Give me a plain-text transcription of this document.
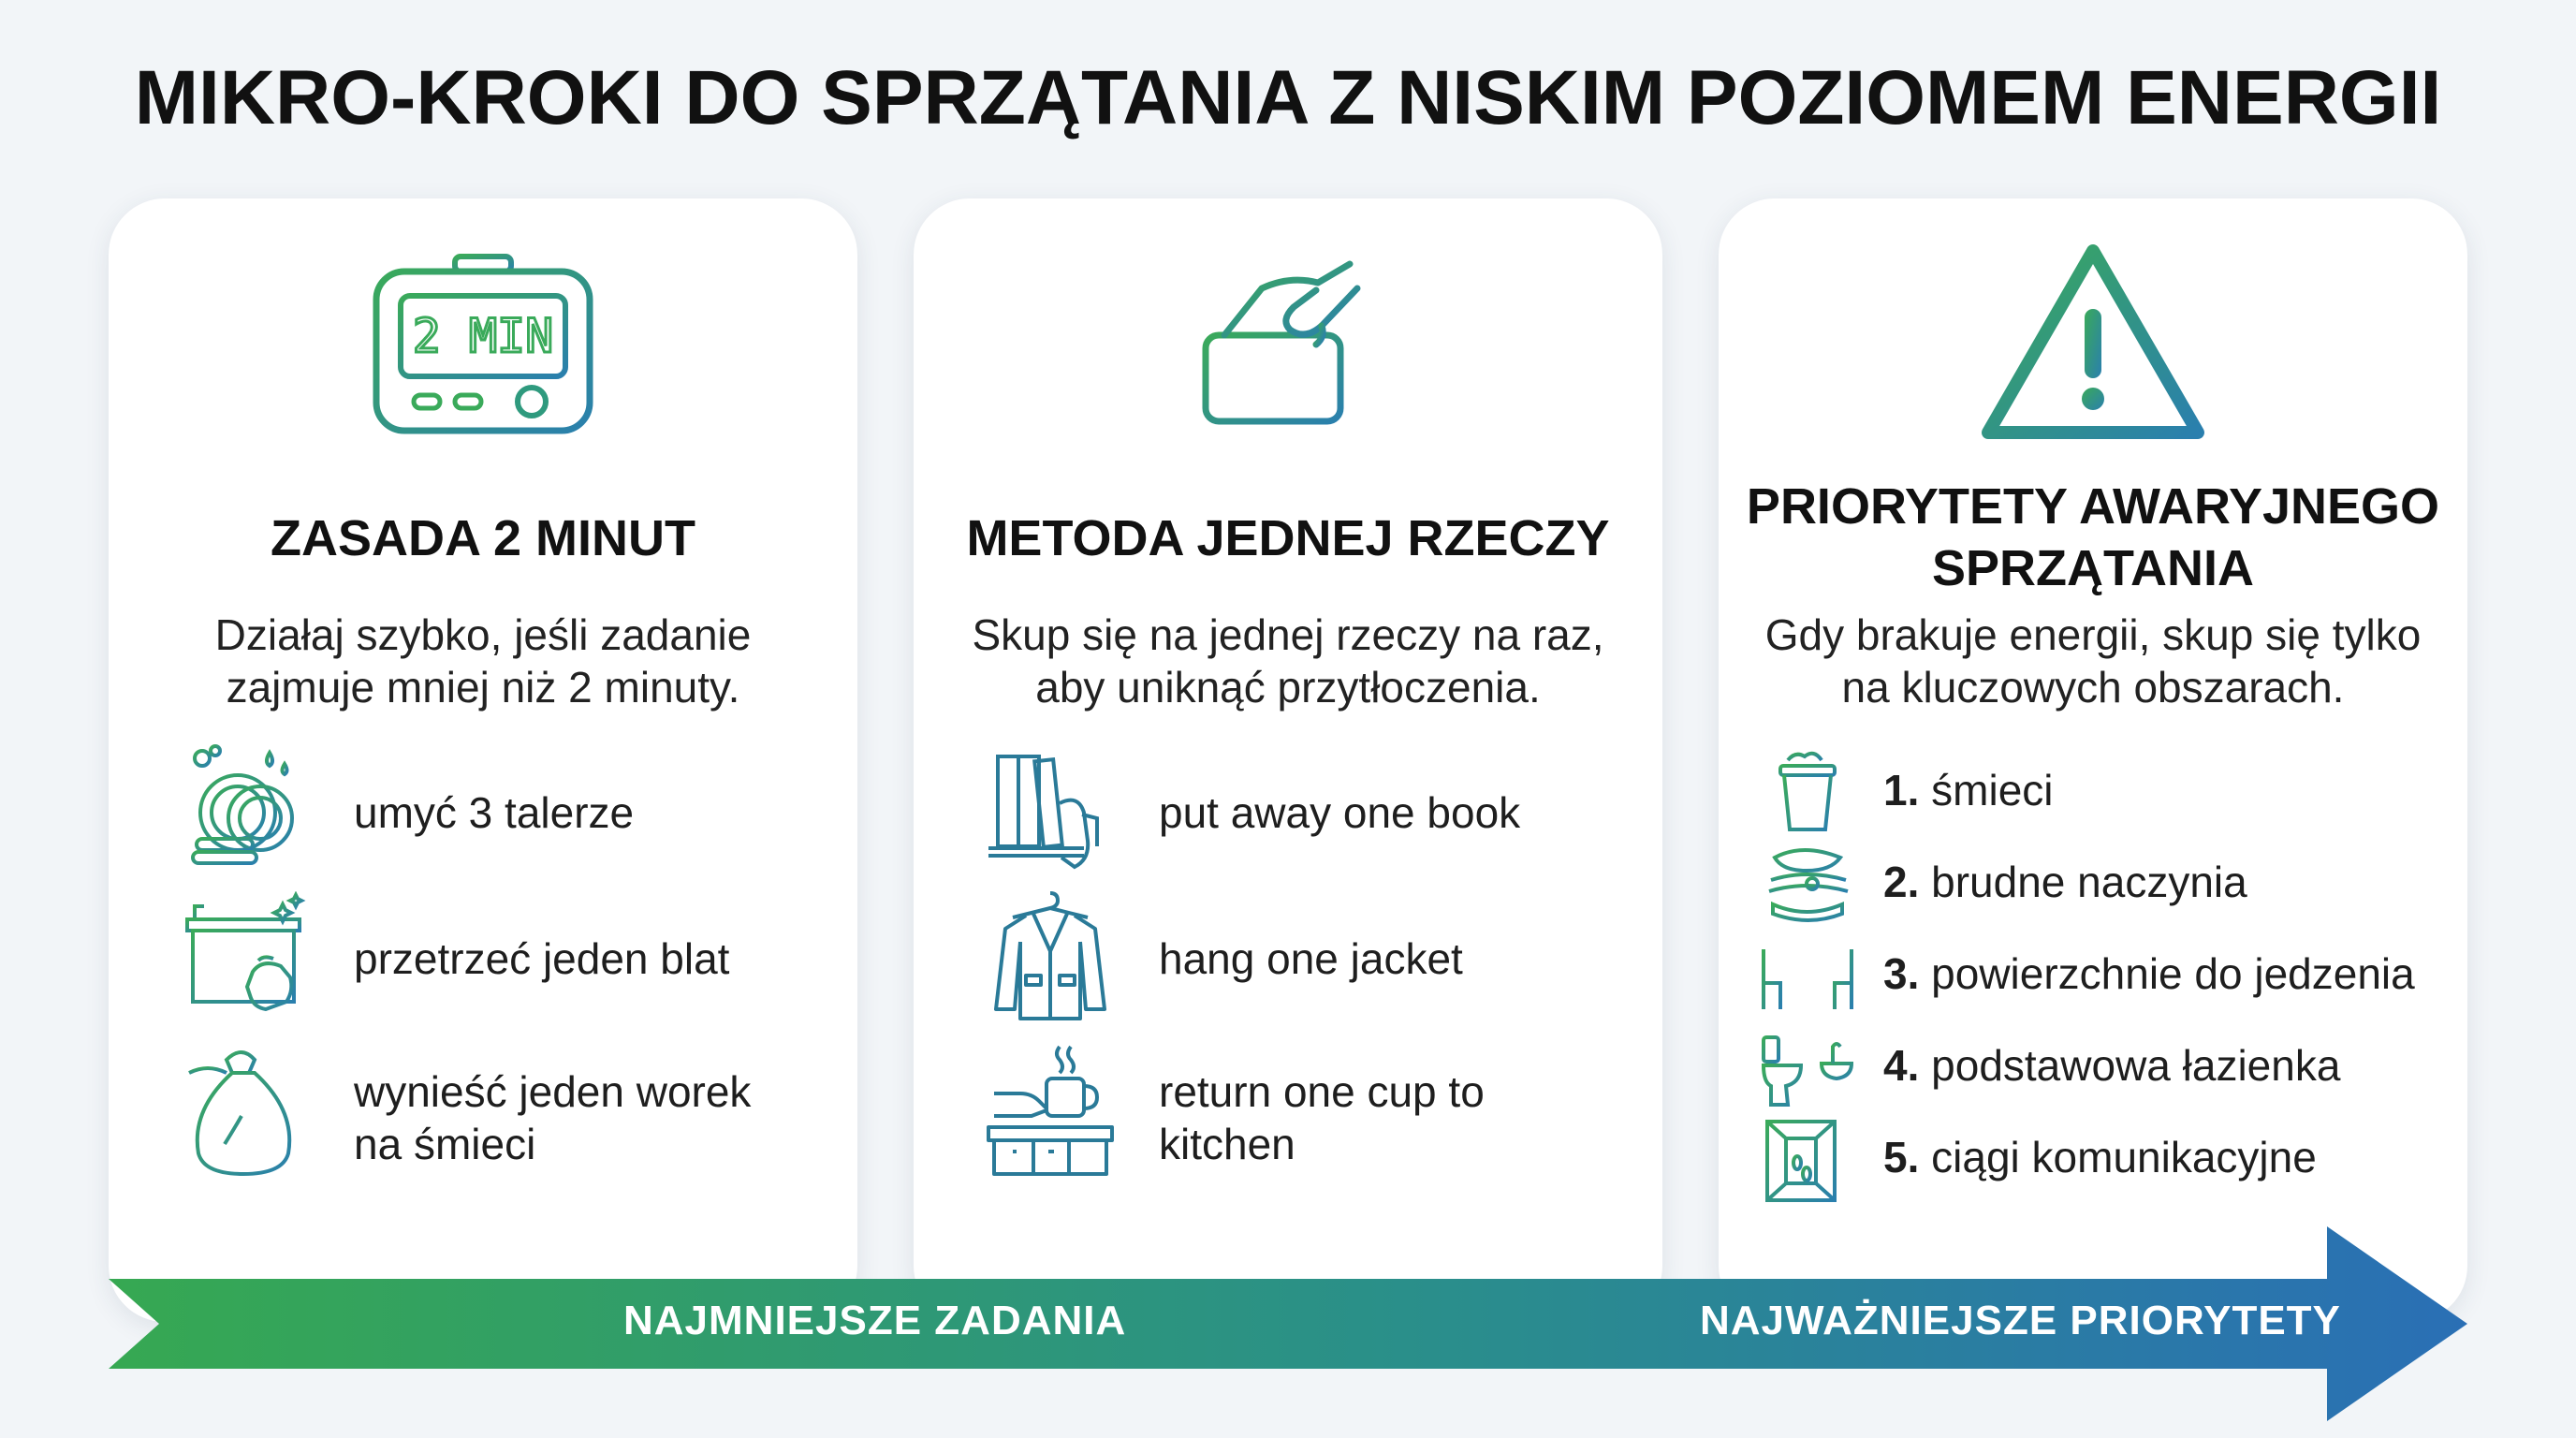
MIKRO-KROKI DO SPRZĄTANIA Z NISKIM POZIOMEM ENERGII
2 MIN
ZASADA 2 MINUT
Działaj szybko, jeśli zadanie
zajmuje mniej niż 2 minuty.
umyć 3 talerze
przetrzeć jeden blat
wynieść jeden worek
na śmieci
METODA JEDNEJ RZECZY
Skup się na jednej rzeczy na raz,
aby uniknąć przytłoczenia.
put away one book
hang one jacket
return one cup to
kitchen
PRIORYTETY AWARYJNEGO
SPRZĄTANIA
Gdy brakuje energii, skup się tylko
na kluczowych obszarach.
1. śmieci
2. brudne naczynia
3. powierzchnie do jedzenia
4. podstawowa łazienka
5. ciągi komunikacyjne
NAJMNIEJSZE ZADANIA	NAJWAŻNIEJSZE PRIORYTETY
